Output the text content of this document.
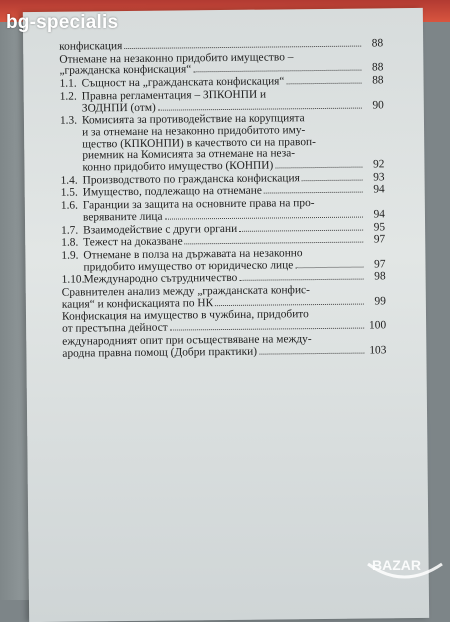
конфискация	88
Отнемане на незаконно придобито имущество –
„гражданска конфискация“	88
1.1. Същност на „гражданската конфискация“	88
1.2. Правна регламентация – ЗПКОНПИ и
ЗОДНПИ (отм)	90
1.3. Комисията за противодействие на корупцията
и за отнемане на незаконно придобитото иму-
щество (КПКОНПИ) в качеството си на правоп-
риемник на Комисията за отнемане на неза-
конно придобито имущество (КОНПИ)	92
1.4. Производството по гражданска конфискация	93
1.5. Имущество, подлежащо на отнемане	94
1.6. Гаранции за защита на основните права на про-
веряваните лица	94
1.7. Взаимодействие с други органи	95
1.8. Тежест на доказване	97
1.9. Отнемане в полза на държавата на незаконно
придобито имущество от юридическо лице	97
1.10. Международно сътрудничество	98
Сравнителен анализ между „гражданската конфис-
кация“ и конфискацията по НК	99
Конфискация на имущество в чужбина, придобито
от престъпна дейност	100
еждународният опит при осъществяване на между-
ародна правна помощ (Добри практики)	103
bg-specialis
BAZAR
